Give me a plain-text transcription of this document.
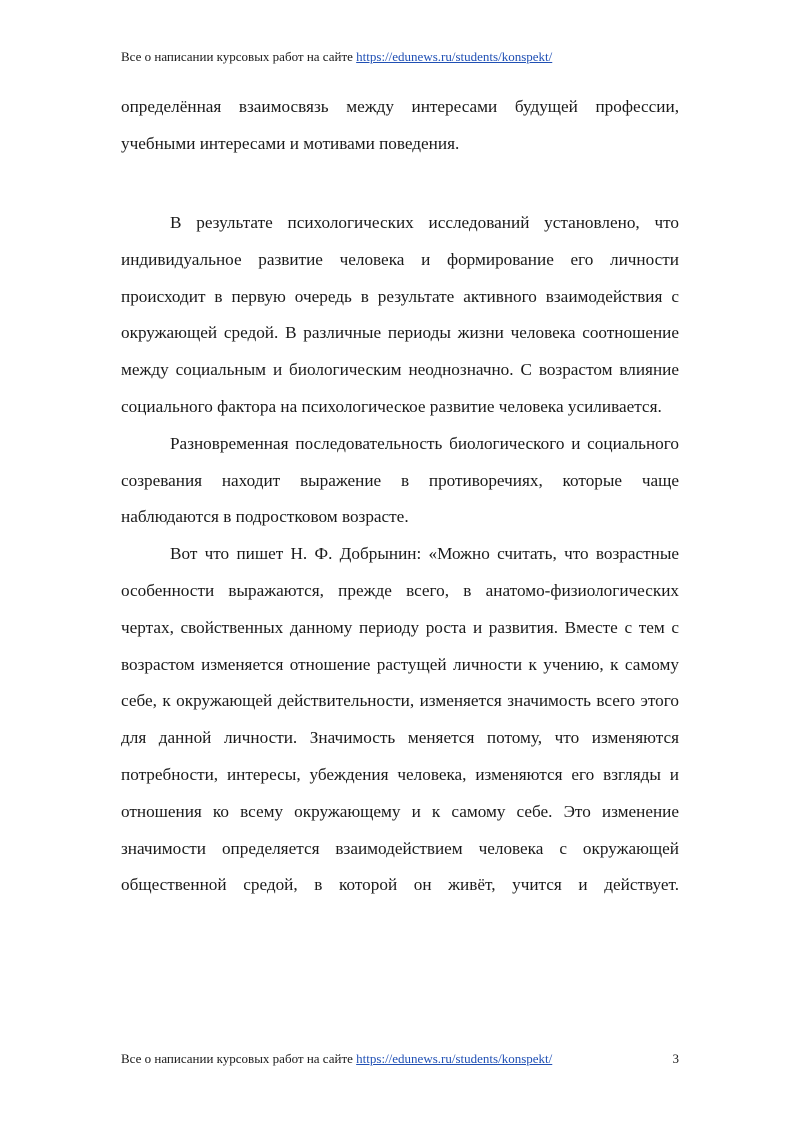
Все о написании курсовых работ на сайте https://edunews.ru/students/konspekt/

определённая взаимосвязь между интересами будущей профессии, учебными интересами и мотивами поведения.

В результате психологических исследований установлено, что индивидуальное развитие человека и формирование его личности происходит в первую очередь в результате активного взаимодействия с окружающей средой. В различные периоды жизни человека соотношение между социальным и биологическим неоднозначно. С возрастом влияние социального фактора на психологическое развитие человека усиливается.

Разновременная последовательность биологического и социального созревания находит выражение в противоречиях, которые чаще наблюдаются в подростковом возрасте.

Вот что пишет Н. Ф. Добрынин: «Можно считать, что возрастные особенности выражаются, прежде всего, в анатомо-физиологических чертах, свойственных данному периоду роста и развития. Вместе с тем с возрастом изменяется отношение растущей личности к учению, к самому себе, к окружающей действительности, изменяется значимость всего этого для данной личности. Значимость меняется потому, что изменяются потребности, интересы, убеждения человека, изменяются его взгляды и отношения ко всему окружающему и к самому себе. Это изменение значимости определяется взаимодействием человека с окружающей общественной средой, в которой он живёт, учится и действует.

Все о написании курсовых работ на сайте https://edunews.ru/students/konspekt/	3
